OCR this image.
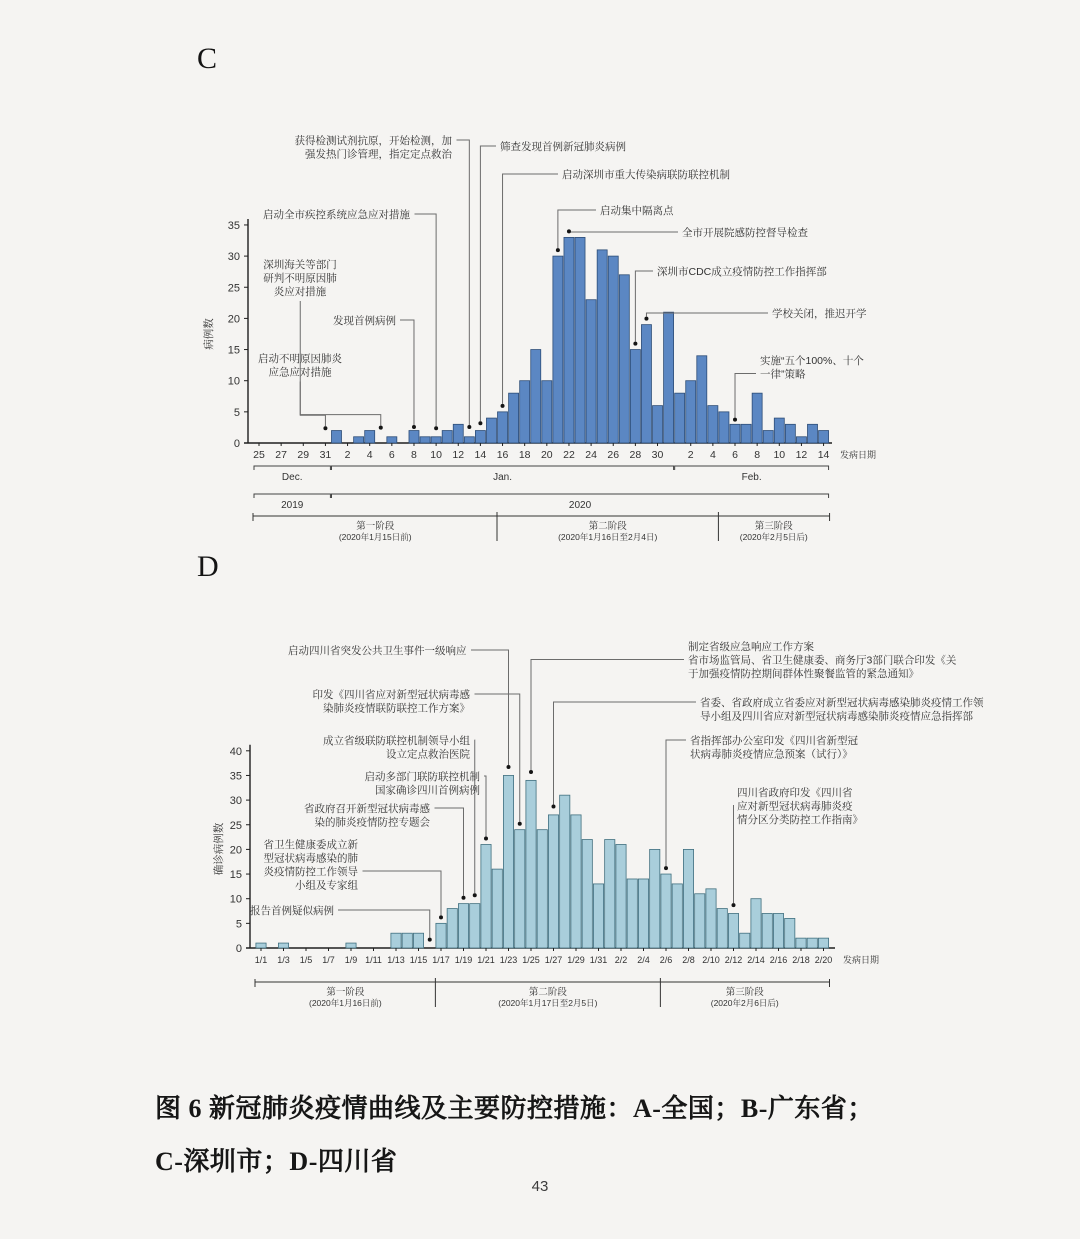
C
0
5
10
15
20
25
30
35
病例数
25 27 29 31 2 4 6 8 10 12 14 16 18 20 22 24 26 28 30 2 4 6 8 10 12 14 发病日期
Dec.	Jan.	Feb.
2019	2020
第一阶段
(2020年1月15日前)
第二阶段
(2020年1月16日至2月4日)
第三阶段
(2020年2月5日后)
获得检测试剂抗原，开始检测，加强发热门诊管理，指定定点救治
筛查发现首例新冠肺炎病例
启动深圳市重大传染病联防联控机制
启动全市疾控系统应急应对措施	启动集中隔离点
全市开展院感防控督导检查
深圳海关等部门研判不明原因肺炎应对措施
深圳市CDC成立疫情防控工作指挥部
发现首例病例
学校关闭，推迟开学
启动不明原因肺炎应急应对措施
实施“五个100%、十个一律”策略
D
0
5
10
15
20
25
30
35
40
确诊病例数
1/1 1/3 1/5 1/7 1/9 1/11 1/13 1/15 1/17 1/19 1/21 1/23 1/25 1/27 1/29 1/31 2/2 2/4 2/6 2/8 2/10 2/12 2/14 2/16 2/18 2/20 发病日期
第一阶段
(2020年1月16日前)
第二阶段
(2020年1月17日至2月5日)
第三阶段
(2020年2月6日后)
启动四川省突发公共卫生事件一级响应	制定省级应急响应工作方案省市场监管局、省卫生健康委、商务厅3部门联合印发《关于加强疫情防控期间群体性聚餐监管的紧急通知》
印发《四川省应对新型冠状病毒感染肺炎疫情联防联控工作方案》	省委、省政府成立省委应对新型冠状病毒感染肺炎疫情工作领导小组及四川省应对新型冠状病毒感染肺炎疫情应急指挥部
成立省级联防联控机制领导小组设立定点救治医院
省指挥部办公室印发《四川省新型冠状病毒肺炎疫情应急预案（试行）》
启动多部门联防联控机制国家确诊四川首例病例	四川省政府印发《四川省应对新型冠状病毒肺炎疫情分区分类防控工作指南》
省政府召开新型冠状病毒感染的肺炎疫情防控专题会
省卫生健康委成立新型冠状病毒感染的肺炎疫情防控工作领导小组及专家组
报告首例疑似病例

图 6 新冠肺炎疫情曲线及主要防控措施：A-全国；B-广东省；

C-深圳市；D-四川省

43
